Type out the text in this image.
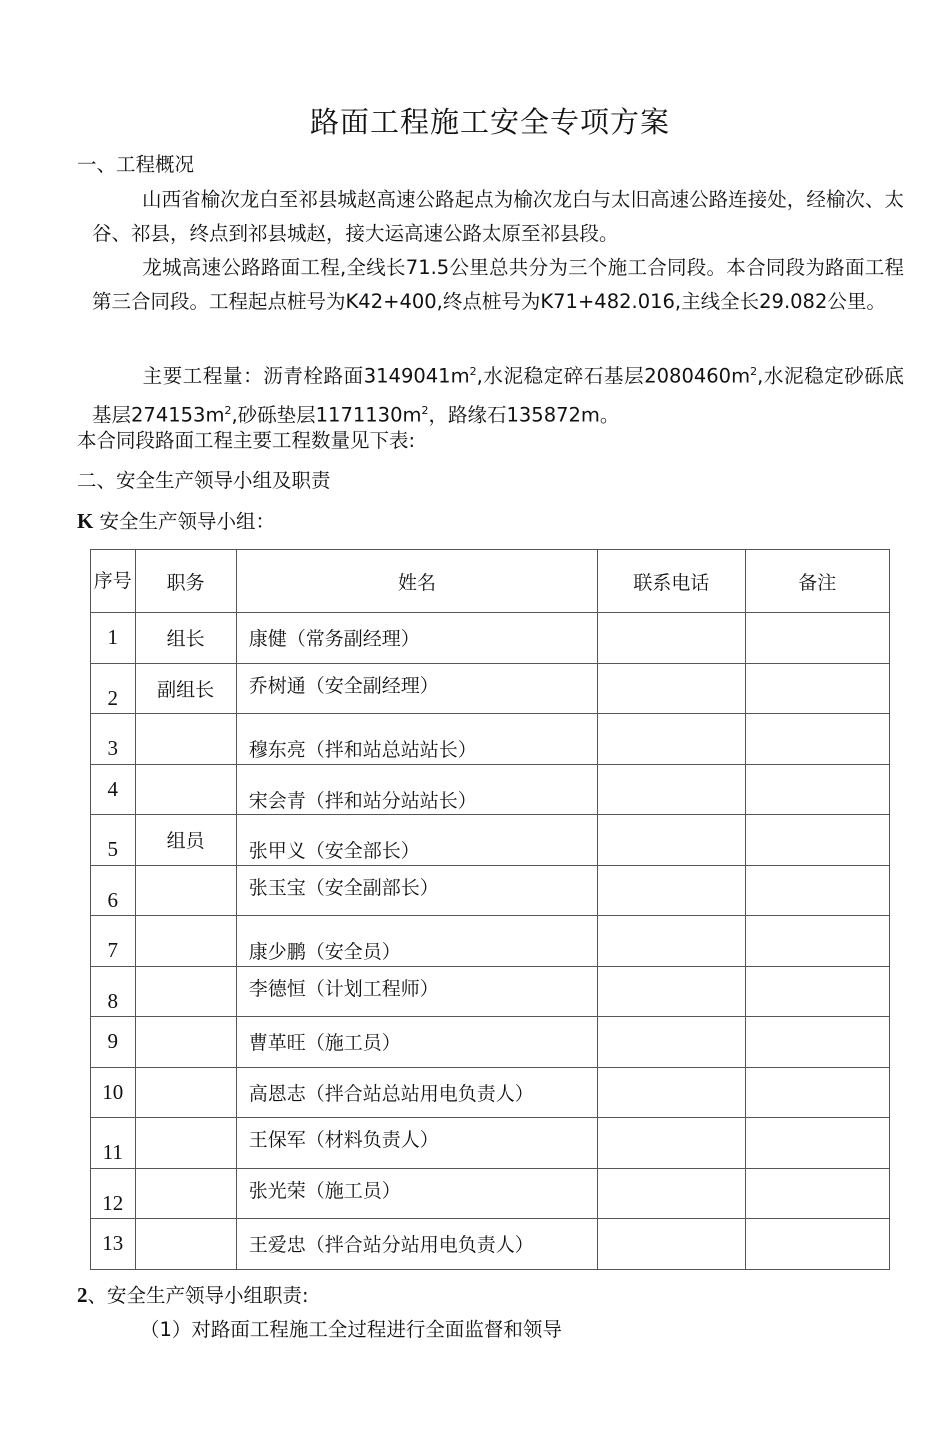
路面工程施工安全专项方案
一、工程概况
山西省榆次龙白至祁县城赵高速公路起点为榆次龙白与太旧高速公路连接处，经榆次、太谷、祁县，终点到祁县城赵，接大运高速公路太原至祁县段。
龙城高速公路路面工程,全线长71.5公里总共分为三个施工合同段。本合同段为路面工程第三合同段。工程起点桩号为K42+400,终点桩号为K71+482.016,主线全长29.082公里。
主要工程量：沥青栓路面$3149041m^2$,水泥稳定碎石基层$2080460m^2$,水泥稳定砂砾底基层$274153m^2$,砂砾垫层$1171130m^2$，路缘石135872m。
本合同段路面工程主要工程数量见下表:
二、安全生产领导小组及职责
K 安全生产领导小组：
序号	职务	姓名	联系电话	备注
1	组长	康健（常务副经理）		
2	副组长	乔树通（安全副经理）		
3		穆东亮（拌和站总站站长）		
4		宋会青（拌和站分站站长）		
5	组员	张甲义（安全部长）		
6		张玉宝（安全副部长）		
7		康少鹏（安全员）		
8		李德恒（计划工程师）		
9		曹革旺（施工员）		
10		高恩志（拌合站总站用电负责人）		
11		王保军（材料负责人）		
12		张光荣（施工员）		
13		王爱忠（拌合站分站用电负责人）		
2、安全生产领导小组职责:
（1）对路面工程施工全过程进行全面监督和领导
